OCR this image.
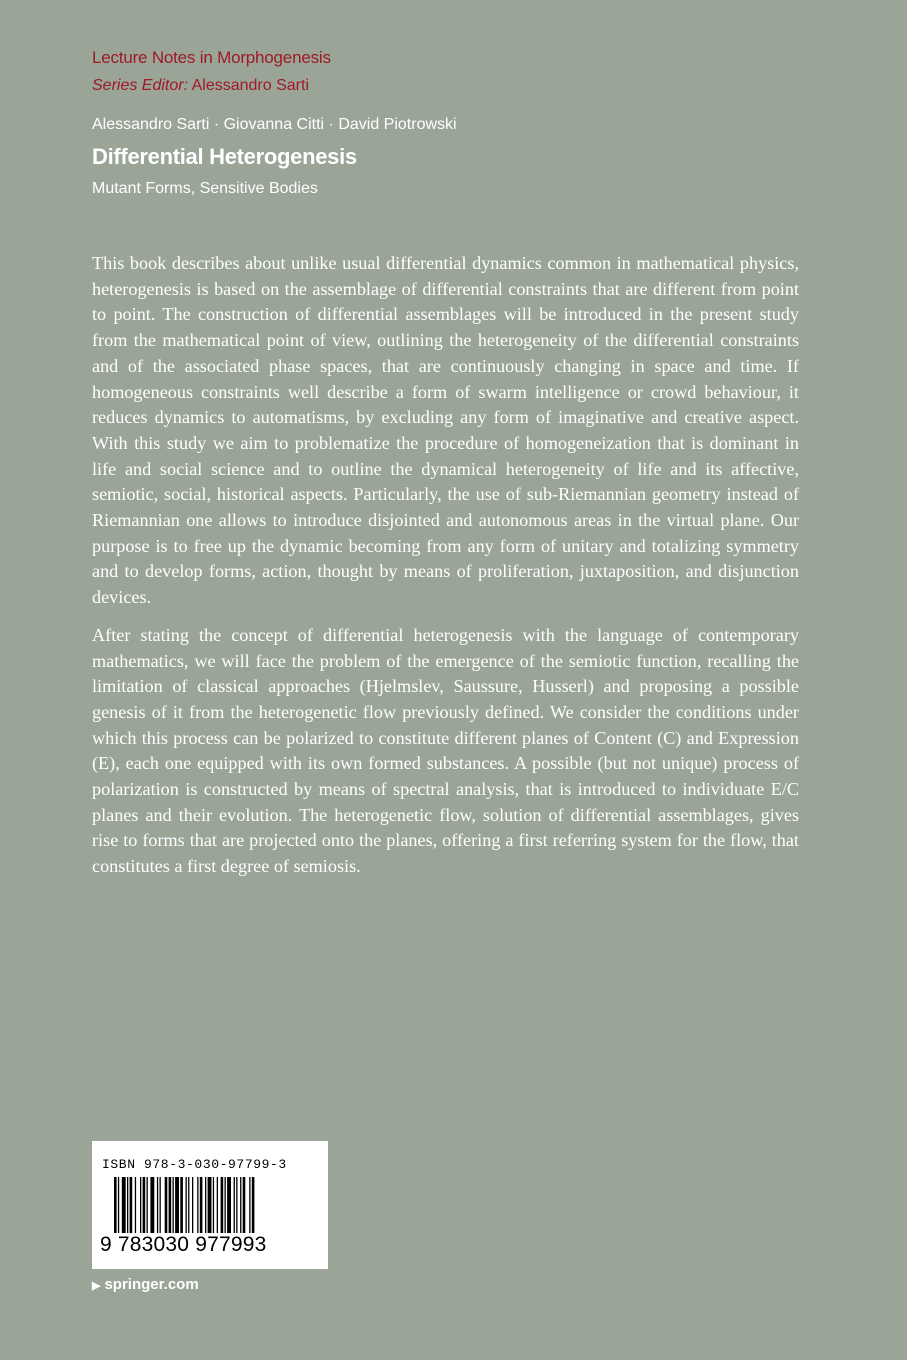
Lecture Notes in Morphogenesis
Series Editor: Alessandro Sarti
Alessandro Sarti · Giovanna Citti · David Piotrowski
Differential Heterogenesis
Mutant Forms, Sensitive Bodies

This book describes about unlike usual differential dynamics common in mathematical physics, heterogenesis is based on the assemblage of differential constraints that are different from point to point. The construction of differential assemblages will be introduced in the present study from the mathematical point of view, outlining the heterogeneity of the differential constraints and of the associated phase spaces, that are continuously changing in space and time. If homogeneous constraints well describe a form of swarm intelligence or crowd behaviour, it reduces dynamics to automatisms, by excluding any form of imaginative and creative aspect. With this study we aim to problematize the procedure of homogeneization that is dominant in life and social science and to outline the dynamical heterogeneity of life and its affective, semiotic, social, historical aspects. Particularly, the use of sub-Riemannian geometry instead of Riemannian one allows to introduce disjointed and autonomous areas in the virtual plane. Our purpose is to free up the dynamic becoming from any form of unitary and totalizing symmetry and to develop forms, action, thought by means of proliferation, juxtaposition, and disjunction devices.

After stating the concept of differential heterogenesis with the language of contemporary mathematics, we will face the problem of the emergence of the semiotic function, recalling the limitation of classical approaches (Hjelmslev, Saussure, Husserl) and proposing a possible genesis of it from the heterogenetic flow previously defined. We consider the conditions under which this process can be polarized to constitute different planes of Content (C) and Expression (E), each one equipped with its own formed substances. A possible (but not unique) process of polarization is constructed by means of spectral analysis, that is introduced to individuate E/C planes and their evolution. The heterogenetic flow, solution of differential assemblages, gives rise to forms that are projected onto the planes, offering a first referring system for the flow, that constitutes a first degree of semiosis.

ISBN 978-3-030-97799-3
9 783030 977993
▶ springer.com
